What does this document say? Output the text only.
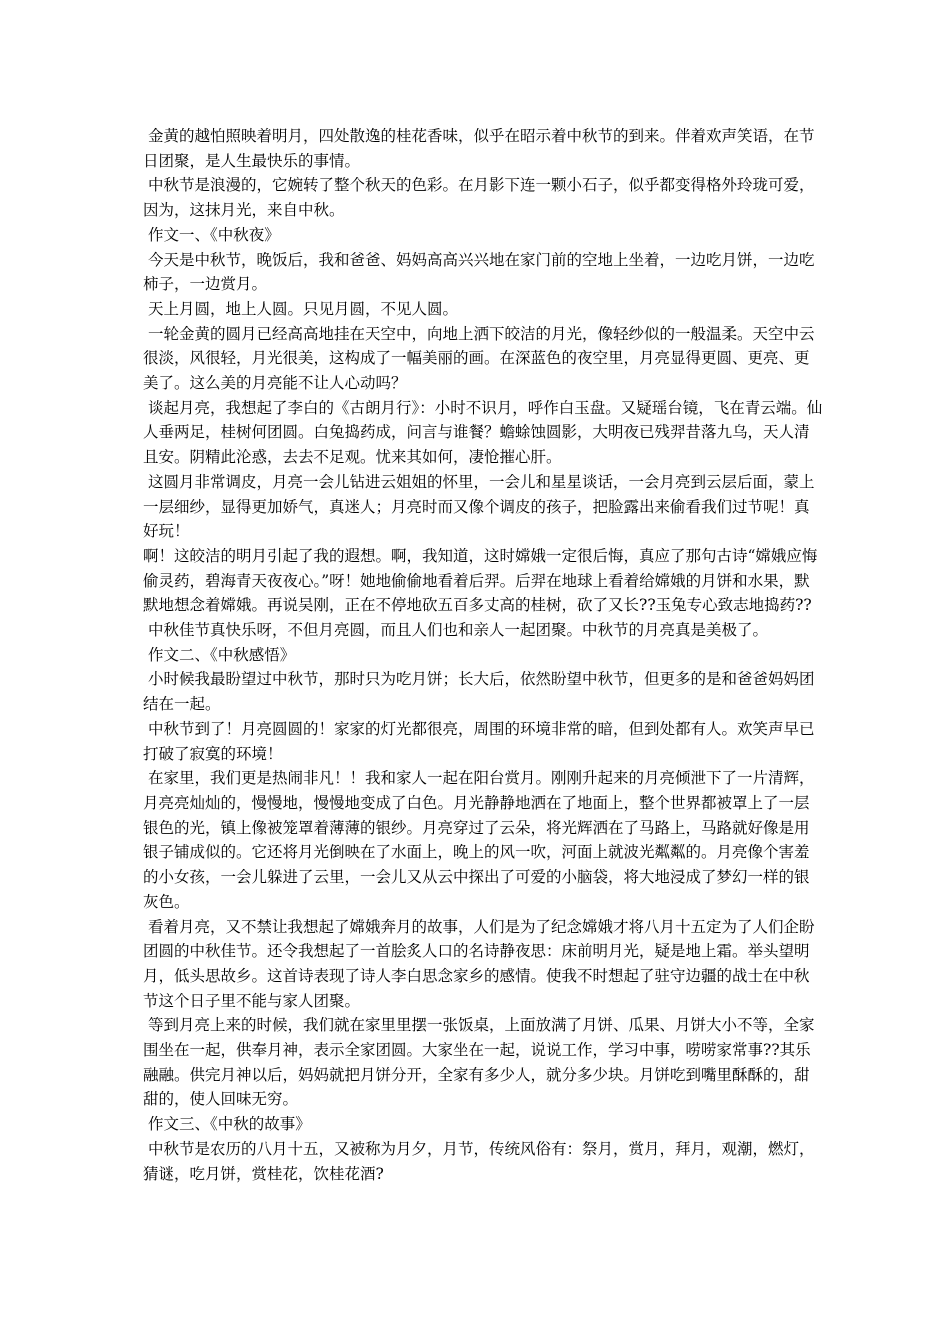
金黄的越怕照映着明月，四处散逸的桂花香味，似乎在昭示着中秋节的到来。伴着欢声笑语，在节日团聚，是人生最快乐的事情。

中秋节是浪漫的，它婉转了整个秋天的色彩。在月影下连一颗小石子，似乎都变得格外玲珑可爱，因为，这抹月光，来自中秋。

作文一、《中秋夜》

今天是中秋节，晚饭后，我和爸爸、妈妈高高兴兴地在家门前的空地上坐着，一边吃月饼，一边吃柿子，一边赏月。

天上月圆，地上人圆。只见月圆，不见人圆。

一轮金黄的圆月已经高高地挂在天空中，向地上洒下皎洁的月光，像轻纱似的一般温柔。天空中云很淡，风很轻，月光很美，这构成了一幅美丽的画。在深蓝色的夜空里，月亮显得更圆、更亮、更美了。这么美的月亮能不让人心动吗？

谈起月亮，我想起了李白的《古朗月行》：小时不识月，呼作白玉盘。又疑瑶台镜，飞在青云端。仙人垂两足，桂树何团圆。白兔捣药成，问言与谁餐？蟾蜍蚀圆影，大明夜已残羿昔落九乌，天人清且安。阴精此沦惑，去去不足观。忧来其如何，凄怆摧心肝。

这圆月非常调皮，月亮一会儿钻进云姐姐的怀里，一会儿和星星谈话，一会月亮到云层后面，蒙上一层细纱，显得更加娇气，真迷人；月亮时而又像个调皮的孩子，把脸露出来偷看我们过节呢！真好玩！

啊！这皎洁的明月引起了我的遐想。啊，我知道，这时嫦娥一定很后悔，真应了那句古诗“嫦娥应悔偷灵药，碧海青天夜夜心。”呀！她地偷偷地看着后羿。后羿在地球上看着给嫦娥的月饼和水果，默默地想念着嫦娥。再说吴刚，正在不停地砍五百多丈高的桂树，砍了又长??玉兔专心致志地捣药??

中秋佳节真快乐呀，不但月亮圆，而且人们也和亲人一起团聚。中秋节的月亮真是美极了。

作文二、《中秋感悟》

小时候我最盼望过中秋节，那时只为吃月饼；长大后，依然盼望中秋节，但更多的是和爸爸妈妈团结在一起。

中秋节到了！月亮圆圆的！家家的灯光都很亮，周围的环境非常的暗，但到处都有人。欢笑声早已打破了寂寞的环境！

在家里，我们更是热闹非凡！！我和家人一起在阳台赏月。刚刚升起来的月亮倾泄下了一片清辉，月亮亮灿灿的，慢慢地，慢慢地变成了白色。月光静静地洒在了地面上，整个世界都被罩上了一层银色的光，镇上像被笼罩着薄薄的银纱。月亮穿过了云朵，将光辉洒在了马路上，马路就好像是用银子铺成似的。它还将月光倒映在了水面上，晚上的风一吹，河面上就波光粼粼的。月亮像个害羞的小女孩，一会儿躲进了云里，一会儿又从云中探出了可爱的小脑袋，将大地浸成了梦幻一样的银灰色。

看着月亮，又不禁让我想起了嫦娥奔月的故事，人们是为了纪念嫦娥才将八月十五定为了人们企盼团圆的中秋佳节。还令我想起了一首脍炙人口的名诗静夜思：床前明月光，疑是地上霜。举头望明月，低头思故乡。这首诗表现了诗人李白思念家乡的感情。使我不时想起了驻守边疆的战士在中秋节这个日子里不能与家人团聚。

等到月亮上来的时候，我们就在家里里摆一张饭桌，上面放满了月饼、瓜果、月饼大小不等，全家围坐在一起，供奉月神，表示全家团圆。大家坐在一起，说说工作，学习中事，唠唠家常事??其乐融融。供完月神以后，妈妈就把月饼分开，全家有多少人，就分多少块。月饼吃到嘴里酥酥的，甜甜的，使人回味无穷。

作文三、《中秋的故事》

中秋节是农历的八月十五，又被称为月夕，月节，传统风俗有：祭月，赏月，拜月，观潮，燃灯，猜谜，吃月饼，赏桂花，饮桂花酒?
